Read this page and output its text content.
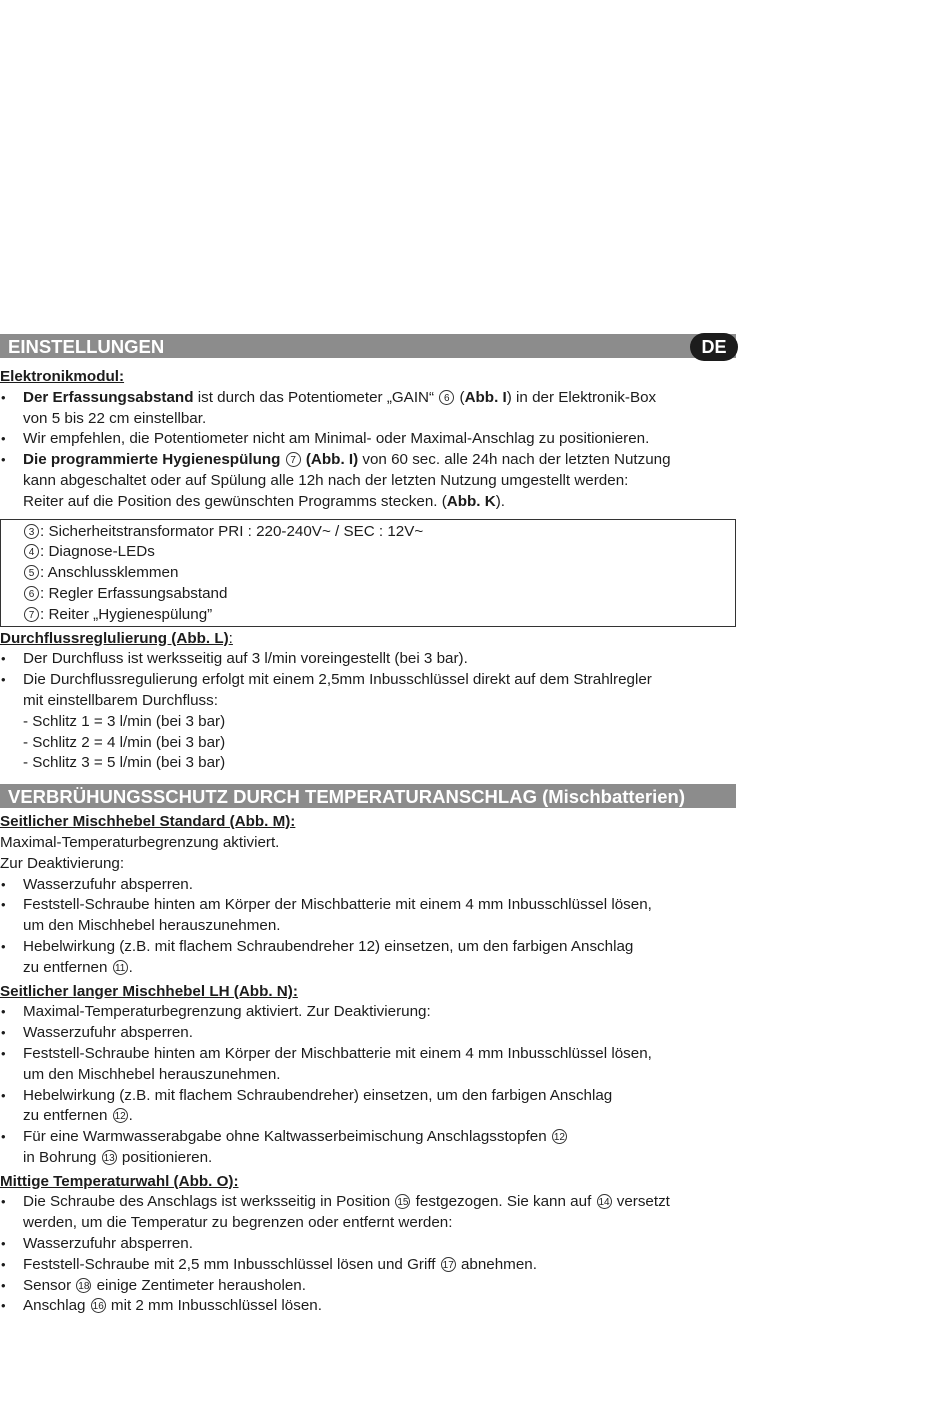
EINSTELLUNGEN	DE

Elektronikmodul:

• Der Erfassungsabstand ist durch das Potentiometer „GAIN“ 6 (Abb. I) in der Elektronik-Box
von 5 bis 22 cm einstellbar.
• Wir empfehlen, die Potentiometer nicht am Minimal- oder Maximal-Anschlag zu positionieren.
• Die programmierte Hygienespülung 7 (Abb. I) von 60 sec. alle 24h nach der letzten Nutzung
kann abgeschaltet oder auf Spülung alle 12h nach der letzten Nutzung umgestellt werden:
Reiter auf die Position des gewünschten Programms stecken. (Abb. K).

3 : Sicherheitstransformator PRI : 220-240V~ / SEC : 12V~

4 : Diagnose-LEDs

5 : Anschlussklemmen

6 : Regler Erfassungsabstand

7 : Reiter „Hygienespülung”

Durchflussreglulierung (Abb. L):

• Der Durchfluss ist werksseitig auf 3 l/min voreingestellt (bei 3 bar).
• Die Durchflussregulierung erfolgt mit einem 2,5mm Inbusschlüssel direkt auf dem Strahlregler
mit einstellbarem Durchfluss:
- Schlitz 1 = 3 l/min (bei 3 bar)
- Schlitz 2 = 4 l/min (bei 3 bar)
- Schlitz 3 = 5 l/min (bei 3 bar)
VERBRÜHUNGSSCHUTZ DURCH TEMPERATURANSCHLAG (Mischbatterien)

Seitlicher Mischhebel Standard (Abb. M):

Maximal-Temperaturbegrenzung aktiviert.

Zur Deaktivierung:

• Wasserzufuhr absperren.
• Feststell-Schraube hinten am Körper der Mischbatterie mit einem 4 mm Inbusschlüssel lösen,
um den Mischhebel herauszunehmen.
• Hebelwirkung (z.B. mit flachem Schraubendreher 12) einsetzen, um den farbigen Anschlag
zu entfernen 11 .

Seitlicher langer Mischhebel LH (Abb. N):

• Maximal-Temperaturbegrenzung aktiviert. Zur Deaktivierung:
• Wasserzufuhr absperren.
• Feststell-Schraube hinten am Körper der Mischbatterie mit einem 4 mm Inbusschlüssel lösen,
um den Mischhebel herauszunehmen.
• Hebelwirkung (z.B. mit flachem Schraubendreher) einsetzen, um den farbigen Anschlag
zu entfernen 12 .
• Für eine Warmwasserabgabe ohne Kaltwasserbeimischung Anschlagsstopfen 12
in Bohrung 13 positionieren.

Mittige Temperaturwahl (Abb. O):

• Die Schraube des Anschlags ist werksseitig in Position 15 festgezogen. Sie kann auf 14 versetzt
werden, um die Temperatur zu begrenzen oder entfernt werden:
• Wasserzufuhr absperren.
• Feststell-Schraube mit 2,5 mm Inbusschlüssel lösen und Griff 17 abnehmen.
• Sensor 18 einige Zentimeter herausholen.
• Anschlag 16 mit 2 mm Inbusschlüssel lösen.
